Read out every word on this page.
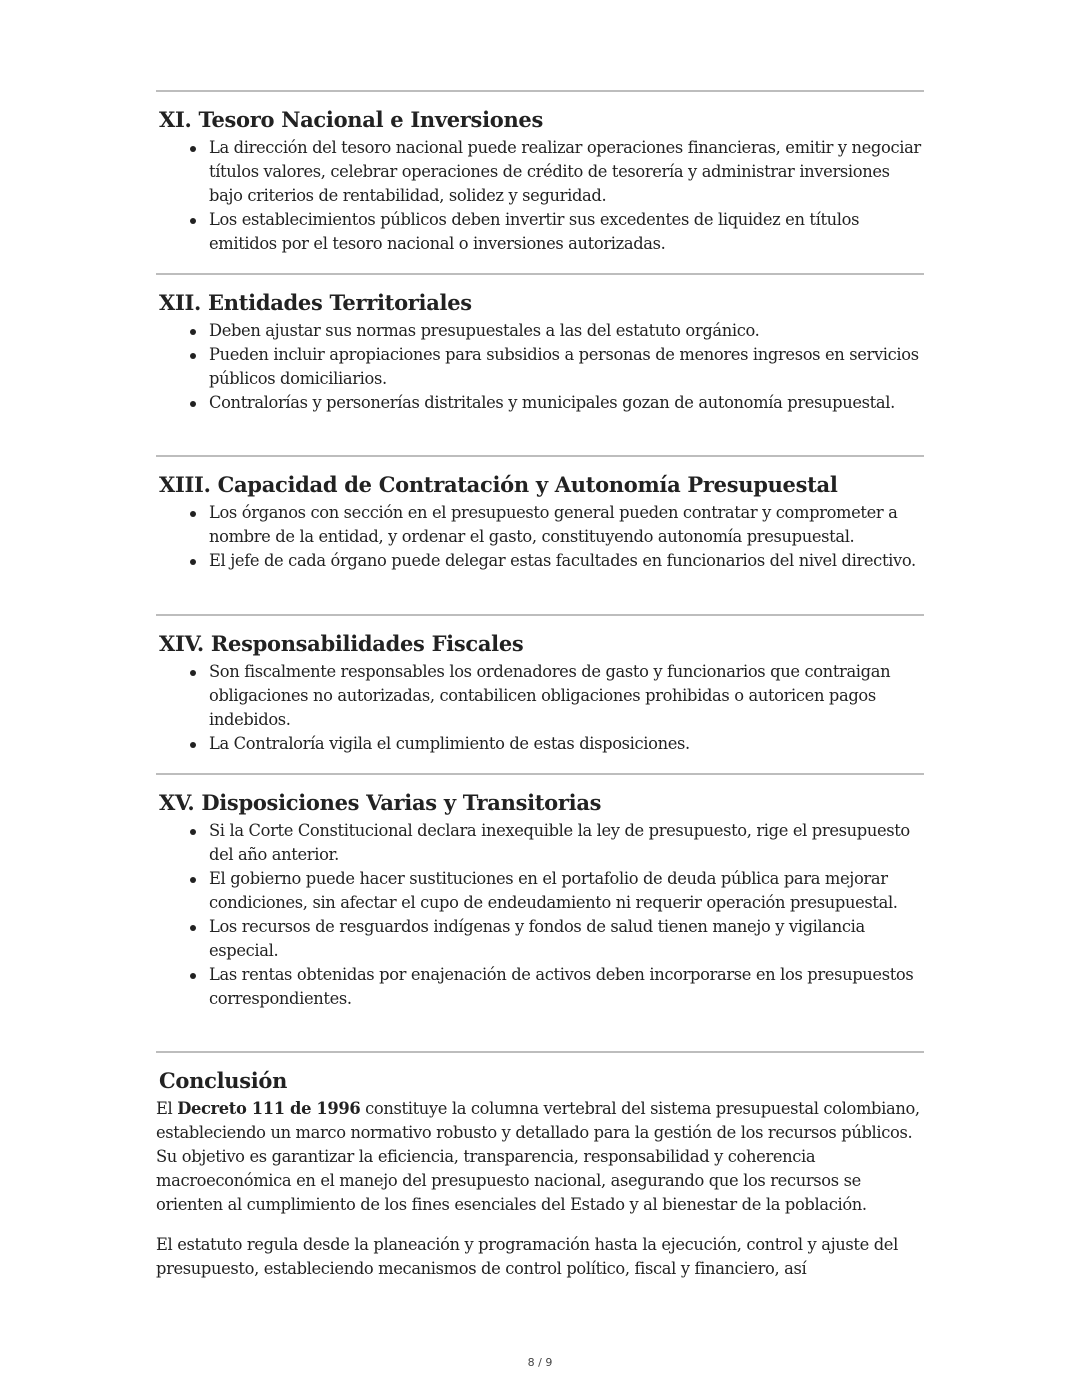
XI. Tesoro Nacional e Inversiones
La dirección del tesoro nacional puede realizar operaciones financieras, emitir y negociar títulos valores, celebrar operaciones de crédito de tesorería y administrar inversiones bajo criterios de rentabilidad, solidez y seguridad.
Los establecimientos públicos deben invertir sus excedentes de liquidez en títulos emitidos por el tesoro nacional o inversiones autorizadas.
XII. Entidades Territoriales
Deben ajustar sus normas presupuestales a las del estatuto orgánico.
Pueden incluir apropiaciones para subsidios a personas de menores ingresos en servicios públicos domiciliarios.
Contralorías y personerías distritales y municipales gozan de autonomía presupuestal.
XIII. Capacidad de Contratación y Autonomía Presupuestal
Los órganos con sección en el presupuesto general pueden contratar y comprometer a nombre de la entidad, y ordenar el gasto, constituyendo autonomía presupuestal.
El jefe de cada órgano puede delegar estas facultades en funcionarios del nivel directivo.
XIV. Responsabilidades Fiscales
Son fiscalmente responsables los ordenadores de gasto y funcionarios que contraigan obligaciones no autorizadas, contabilicen obligaciones prohibidas o autoricen pagos indebidos.
La Contraloría vigila el cumplimiento de estas disposiciones.
XV. Disposiciones Varias y Transitorias
Si la Corte Constitucional declara inexequible la ley de presupuesto, rige el presupuesto del año anterior.
El gobierno puede hacer sustituciones en el portafolio de deuda pública para mejorar condiciones, sin afectar el cupo de endeudamiento ni requerir operación presupuestal.
Los recursos de resguardos indígenas y fondos de salud tienen manejo y vigilancia especial.
Las rentas obtenidas por enajenación de activos deben incorporarse en los presupuestos correspondientes.
Conclusión

El Decreto 111 de 1996 constituye la columna vertebral del sistema presupuestal colombiano, estableciendo un marco normativo robusto y detallado para la gestión de los recursos públicos. Su objetivo es garantizar la eficiencia, transparencia, responsabilidad y coherencia macroeconómica en el manejo del presupuesto nacional, asegurando que los recursos se orienten al cumplimiento de los fines esenciales del Estado y al bienestar de la población.

El estatuto regula desde la planeación y programación hasta la ejecución, control y ajuste del presupuesto, estableciendo mecanismos de control político, fiscal y financiero, así

8 / 9
